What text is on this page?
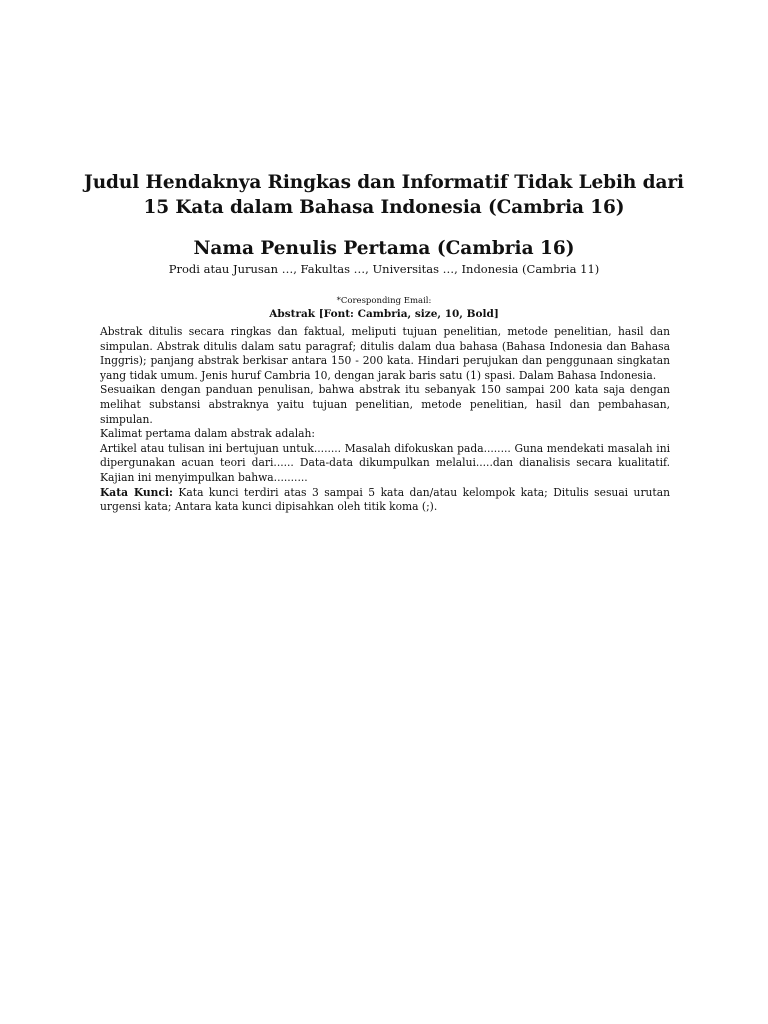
Judul Hendaknya Ringkas dan Informatif Tidak Lebih dari 15 Kata dalam Bahasa Indonesia (Cambria 16)
Nama Penulis Pertama (Cambria 16)
Prodi atau Jurusan …, Fakultas …, Universitas …, Indonesia (Cambria 11)
*Coresponding Email:
Abstrak [Font: Cambria, size, 10, Bold]

Abstrak ditulis secara ringkas dan faktual, meliputi tujuan penelitian, metode penelitian, hasil dan simpulan. Abstrak ditulis dalam satu paragraf; ditulis dalam dua bahasa (Bahasa Indonesia dan Bahasa Inggris); panjang abstrak berkisar antara 150 - 200 kata. Hindari perujukan dan penggunaan singkatan yang tidak umum. Jenis huruf Cambria 10, dengan jarak baris satu (1) spasi. Dalam Bahasa Indonesia.

Sesuaikan dengan panduan penulisan, bahwa abstrak itu sebanyak 150 sampai 200 kata saja dengan melihat substansi abstraknya yaitu tujuan penelitian, metode penelitian, hasil dan pembahasan, simpulan.

Kalimat pertama dalam abstrak adalah:

Artikel atau tulisan ini bertujuan untuk........ Masalah difokuskan pada........ Guna mendekati masalah ini dipergunakan acuan teori dari...... Data-data dikumpulkan melalui.....dan dianalisis secara kualitatif. Kajian ini menyimpulkan bahwa..........

Kata Kunci: Kata kunci terdiri atas 3 sampai 5 kata dan/atau kelompok kata; Ditulis sesuai urutan urgensi kata; Antara kata kunci dipisahkan oleh titik koma (;).
